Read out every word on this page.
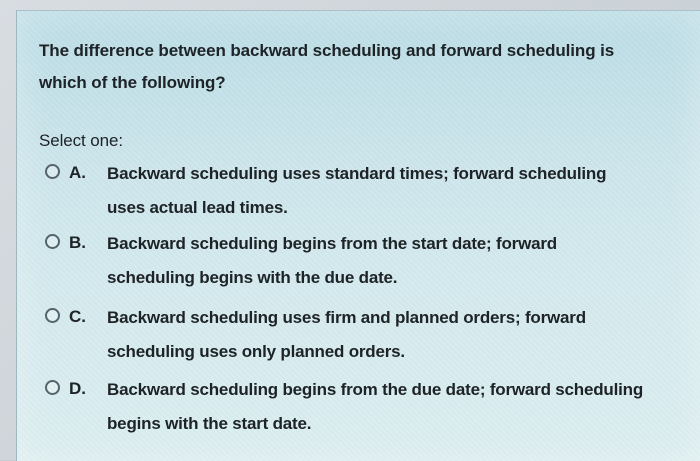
The difference between backward scheduling and forward scheduling is which of the following?
Select one:
A. Backward scheduling uses standard times; forward scheduling uses actual lead times.
B. Backward scheduling begins from the start date; forward scheduling begins with the due date.
C. Backward scheduling uses firm and planned orders; forward scheduling uses only planned orders.
D. Backward scheduling begins from the due date; forward scheduling begins with the start date.
